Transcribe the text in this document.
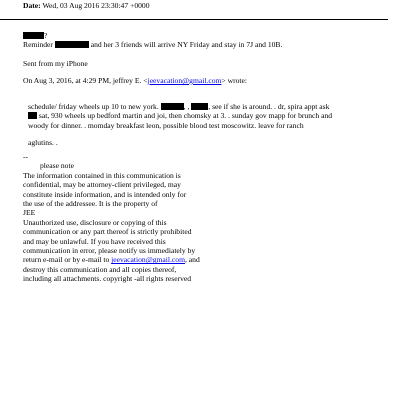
Date: Wed, 03 Aug 2016 23:30:47 +0000

?

Reminder	and her 3 friends will arrive NY Friday and stay in 7J and 10B.

Sent from my iPhone

On Aug 3, 2016, at 4:29 PM, jeffrey E. <jeevacation@gmail.com> wrote:

schedule/ friday wheels up 10 to new york.	, , , see if she is around. . dr, spira appt ask

sat, 930 wheels up bedford martin and joi, then chomsky at 3. . sunday gov mapp for brunch and

woody for dinner. . momday breakfast leon, possible blood test moscowitz. leave for ranch

aglutins. .

--

please note

The information contained in this communication is

confidential, may be attorney-client privileged, may

constitute inside information, and is intended only for

the use of the addressee. It is the property of

JEE

Unauthorized use, disclosure or copying of this

communication or any part thereof is strictly prohibited

and may be unlawful. If you have received this

communication in error, please notify us immediately by

return e-mail or by e-mail to jeevacation@gmail.com, and

destroy this communication and all copies thereof,

including all attachments. copyright -all rights reserved
